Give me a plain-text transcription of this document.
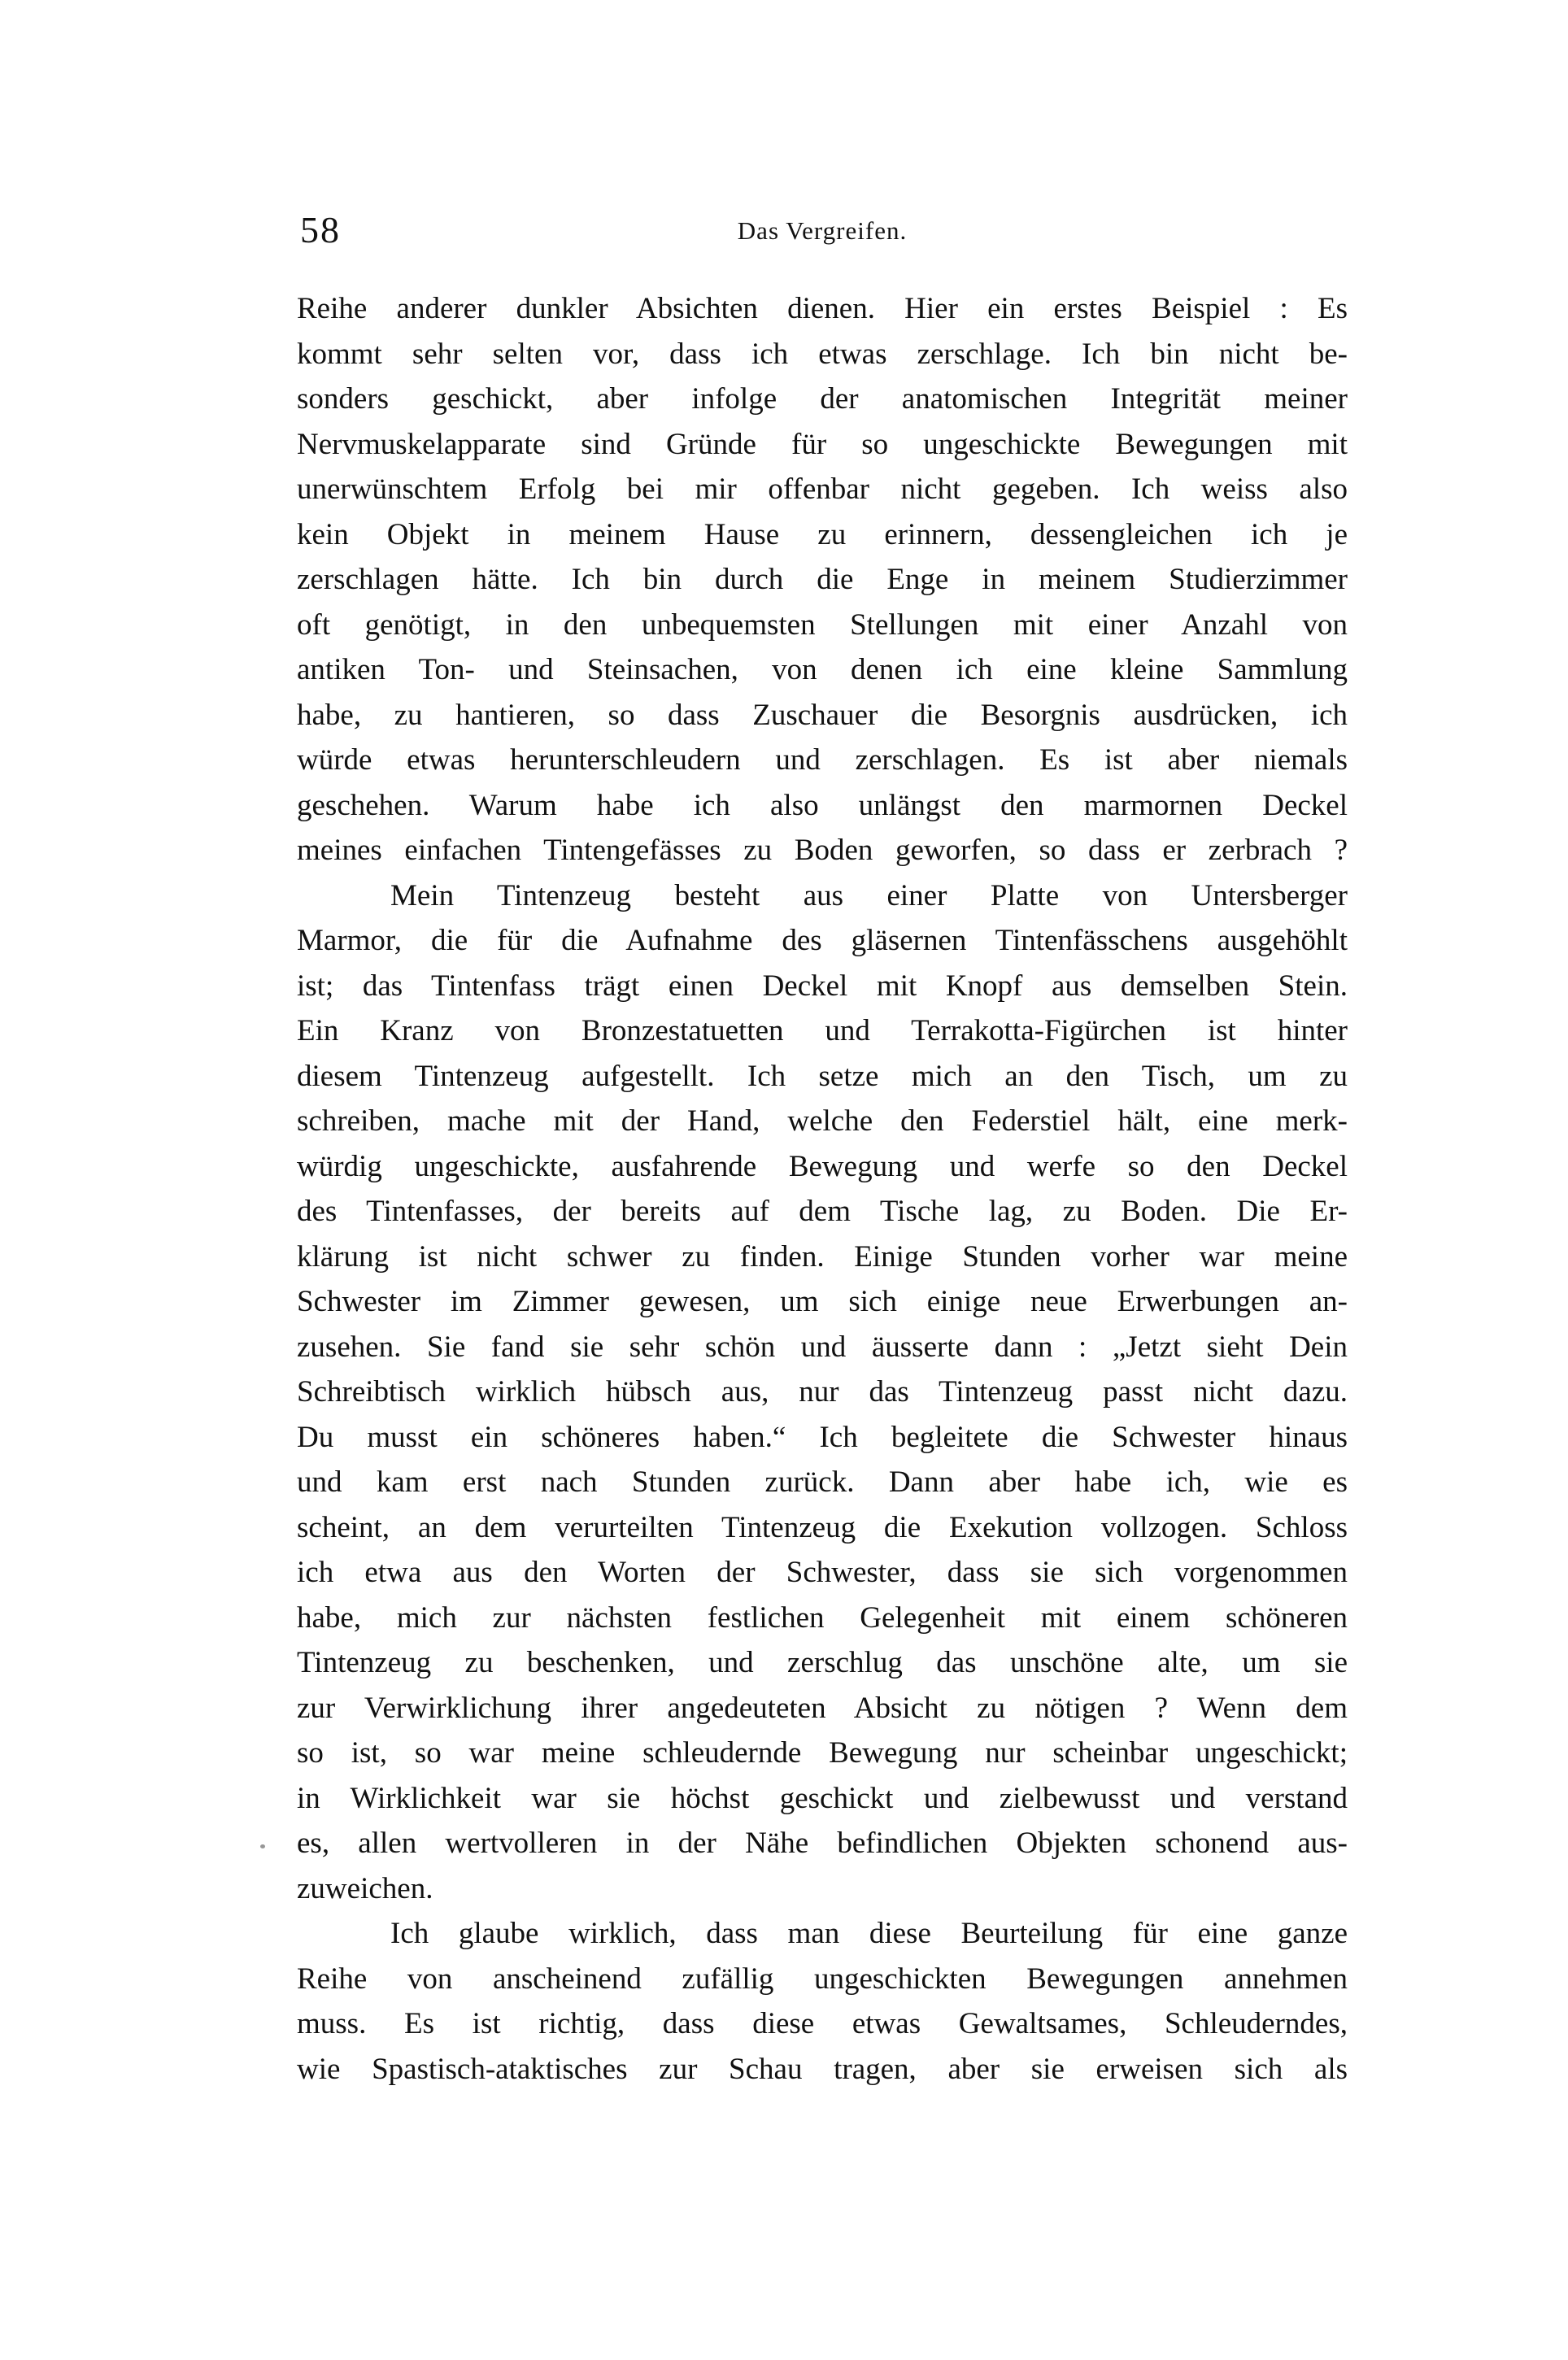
58	Das Vergreifen.
Reihe anderer dunkler Absichten dienen. Hier ein erstes Beispiel : Es
kommt sehr selten vor, dass ich etwas zerschlage. Ich bin nicht be-
sonders geschickt, aber infolge der anatomischen Integrität meiner
Nervmuskelapparate sind Gründe für so ungeschickte Bewegungen mit
unerwünschtem Erfolg bei mir offenbar nicht gegeben. Ich weiss also
kein Objekt in meinem Hause zu erinnern, dessengleichen ich je
zerschlagen hätte. Ich bin durch die Enge in meinem Studierzimmer
oft genötigt, in den unbequemsten Stellungen mit einer Anzahl von
antiken Ton- und Steinsachen, von denen ich eine kleine Sammlung
habe, zu hantieren, so dass Zuschauer die Besorgnis ausdrücken, ich
würde etwas herunterschleudern und zerschlagen. Es ist aber niemals
geschehen. Warum habe ich also unlängst den marmornen Deckel
meines einfachen Tintengefässes zu Boden geworfen, so dass er zerbrach ?
Mein Tintenzeug besteht aus einer Platte von Untersberger
Marmor, die für die Aufnahme des gläsernen Tintenfässchens ausgehöhlt
ist; das Tintenfass trägt einen Deckel mit Knopf aus demselben Stein.
Ein Kranz von Bronzestatuetten und Terrakotta-Figürchen ist hinter
diesem Tintenzeug aufgestellt. Ich setze mich an den Tisch, um zu
schreiben, mache mit der Hand, welche den Federstiel hält, eine merk-
würdig ungeschickte, ausfahrende Bewegung und werfe so den Deckel
des Tintenfasses, der bereits auf dem Tische lag, zu Boden. Die Er-
klärung ist nicht schwer zu finden. Einige Stunden vorher war meine
Schwester im Zimmer gewesen, um sich einige neue Erwerbungen an-
zusehen. Sie fand sie sehr schön und äusserte dann : „Jetzt sieht Dein
Schreibtisch wirklich hübsch aus, nur das Tintenzeug passt nicht dazu.
Du musst ein schöneres haben.“ Ich begleitete die Schwester hinaus
und kam erst nach Stunden zurück. Dann aber habe ich, wie es
scheint, an dem verurteilten Tintenzeug die Exekution vollzogen. Schloss
ich etwa aus den Worten der Schwester, dass sie sich vorgenommen
habe, mich zur nächsten festlichen Gelegenheit mit einem schöneren
Tintenzeug zu beschenken, und zerschlug das unschöne alte, um sie
zur Verwirklichung ihrer angedeuteten Absicht zu nötigen ? Wenn dem
so ist, so war meine schleudernde Bewegung nur scheinbar ungeschickt;
in Wirklichkeit war sie höchst geschickt und zielbewusst und verstand
es, allen wertvolleren in der Nähe befindlichen Objekten schonend aus-
zuweichen.
Ich glaube wirklich, dass man diese Beurteilung für eine ganze
Reihe von anscheinend zufällig ungeschickten Bewegungen annehmen
muss. Es ist richtig, dass diese etwas Gewaltsames, Schleuderndes,
wie Spastisch-ataktisches zur Schau tragen, aber sie erweisen sich als
